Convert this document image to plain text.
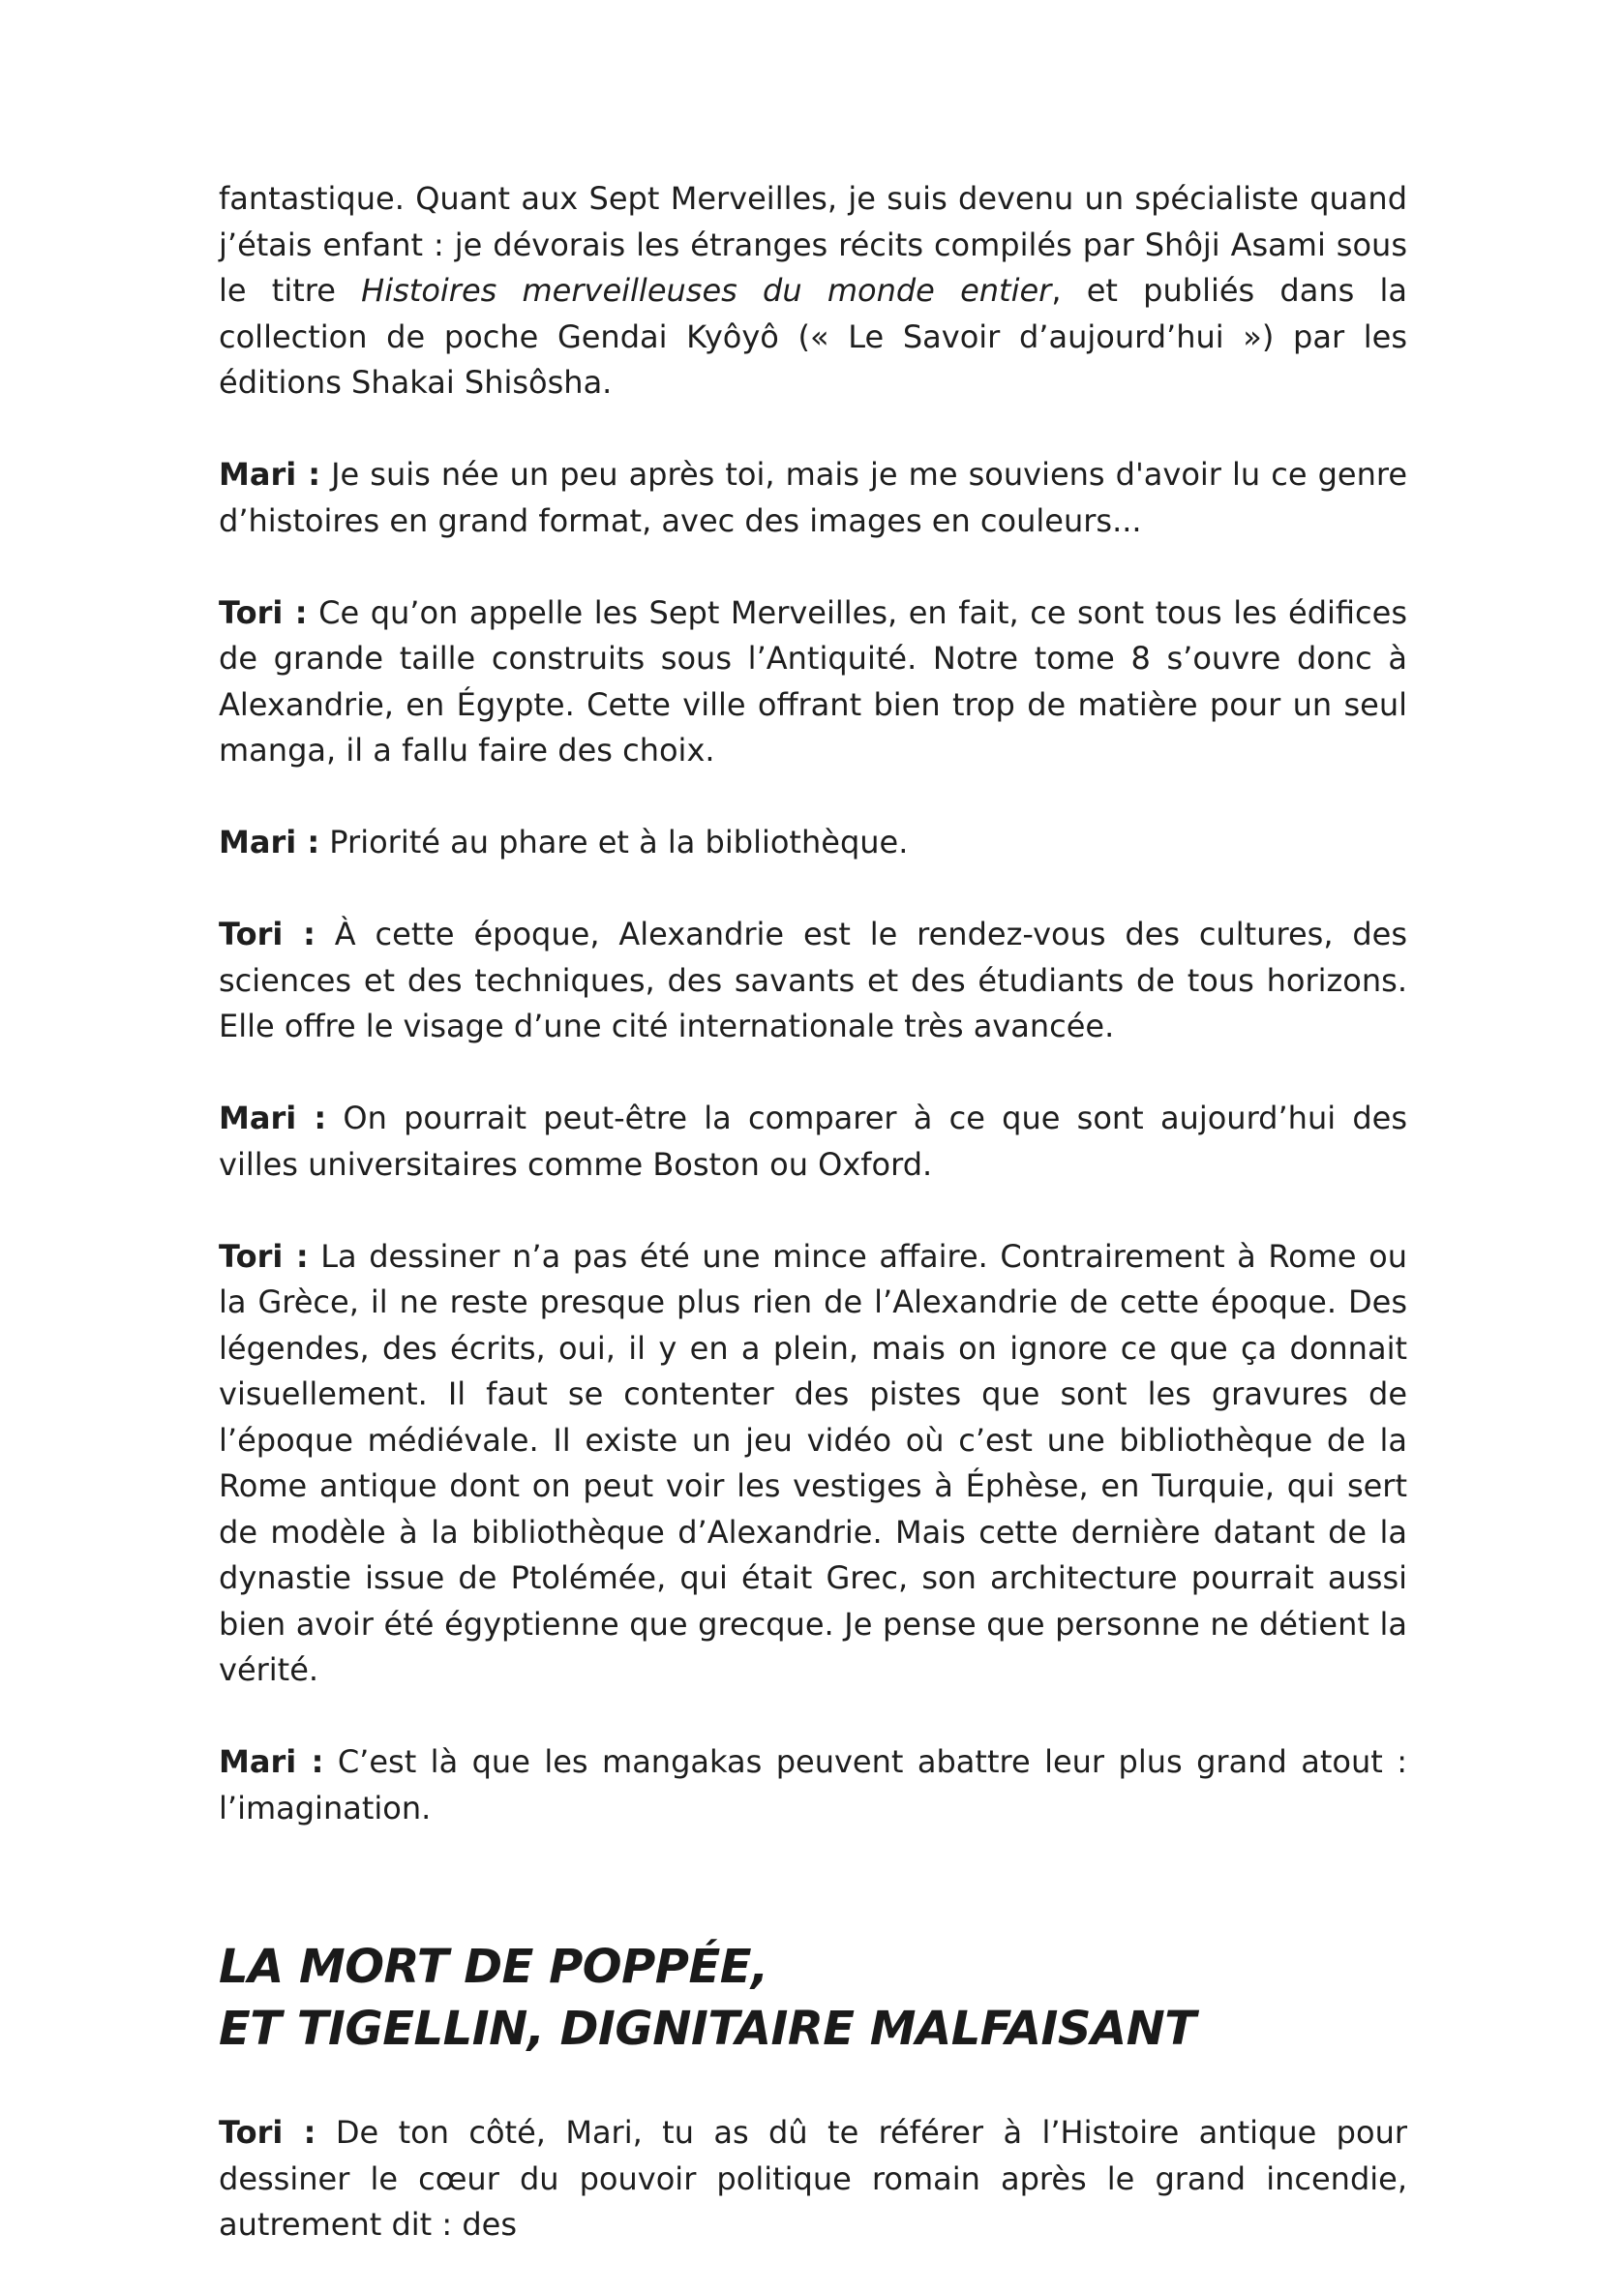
fantastique. Quant aux Sept Merveilles, je suis devenu un spécialiste quand j’étais enfant : je dévorais les étranges récits compilés par Shôji Asami sous le titre Histoires merveilleuses du monde entier, et publiés dans la collection de poche Gendai Kyôyô (« Le Savoir d’aujourd’hui ») par les éditions Shakai Shisôsha.

Mari : Je suis née un peu après toi, mais je me souviens d'avoir lu ce genre d’histoires en grand format, avec des images en couleurs...

Tori : Ce qu’on appelle les Sept Merveilles, en fait, ce sont tous les édifices de grande taille construits sous l’Antiquité. Notre tome 8 s’ouvre donc à Alexandrie, en Égypte. Cette ville offrant bien trop de matière pour un seul manga, il a fallu faire des choix.

Mari : Priorité au phare et à la bibliothèque.

Tori : À cette époque, Alexandrie est le rendez-vous des cultures, des sciences et des techniques, des savants et des étudiants de tous horizons. Elle offre le visage d’une cité internationale très avancée.

Mari : On pourrait peut-être la comparer à ce que sont aujourd’hui des villes universitaires comme Boston ou Oxford.

Tori : La dessiner n’a pas été une mince affaire. Contrairement à Rome ou la Grèce, il ne reste presque plus rien de l’Alexandrie de cette époque. Des légendes, des écrits, oui, il y en a plein, mais on ignore ce que ça donnait visuellement. Il faut se contenter des pistes que sont les gravures de l’époque médiévale. Il existe un jeu vidéo où c’est une bibliothèque de la Rome antique dont on peut voir les vestiges à Éphèse, en Turquie, qui sert de modèle à la bibliothèque d’Alexandrie. Mais cette dernière datant de la dynastie issue de Ptolémée, qui était Grec, son architecture pourrait aussi bien avoir été égyptienne que grecque. Je pense que personne ne détient la vérité.

Mari : C’est là que les mangakas peuvent abattre leur plus grand atout : l’imagination.

LA MORT DE POPPÉE,
ET TIGELLIN, DIGNITAIRE MALFAISANT

Tori : De ton côté, Mari, tu as dû te référer à l’Histoire antique pour dessiner le cœur du pouvoir politique romain après le grand incendie, autrement dit : des
